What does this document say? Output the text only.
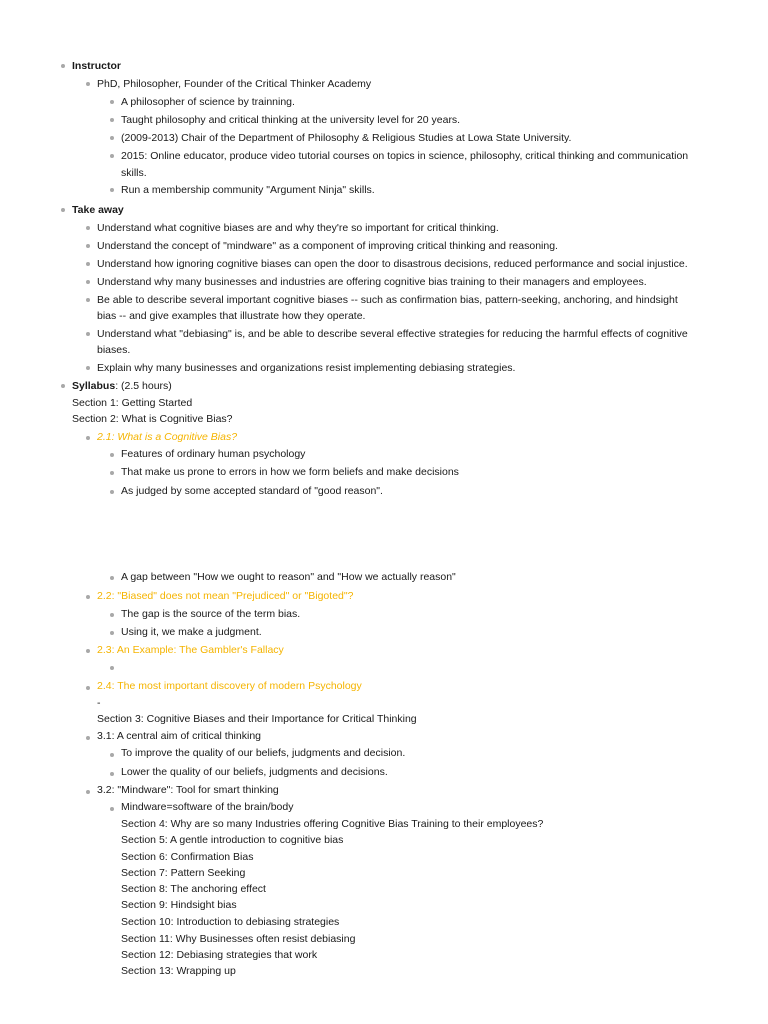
Instructor
PhD, Philosopher, Founder of the Critical Thinker Academy
A philosopher of science by trainning.
Taught philosophy and critical thinking at the university level for 20 years.
(2009-2013) Chair of the Department of Philosophy & Religious Studies at Lowa State University.
2015: Online educator, produce video tutorial courses on topics in science, philosophy, critical thinking and communication
skills.
Run a membership community "Argument Ninja" skills.
Take away
Understand what cognitive biases are and why they're so important for critical thinking.
Understand the concept of "mindware" as a component of improving critical thinking and reasoning.
Understand how ignoring cognitive biases can open the door to disastrous decisions, reduced performance and social injustice.
Understand why many businesses and industries are offering cognitive bias training to their managers and employees.
Be able to describe several important cognitive biases -- such as confirmation bias, pattern-seeking, anchoring, and hindsight
bias -- and give examples that illustrate how they operate.
Understand what "debiasing" is, and be able to describe several effective strategies for reducing the harmful effects of cognitive
biases.
Explain why many businesses and organizations resist implementing debiasing strategies.
Syllabus: (2.5 hours)
Section 1: Getting Started
Section 2: What is Cognitive Bias?
2.1: What is a Cognitive Bias?
Features of ordinary human psychology
That make us prone to errors in how we form beliefs and make decisions
As judged by some accepted standard of "good reason".
A gap between "How we ought to reason" and "How we actually reason"
2.2: "Biased" does not mean "Prejudiced" or "Bigoted"?
The gap is the source of the term bias.
Using it, we make a judgment.
2.3: An Example: The Gambler's Fallacy
2.4: The most important discovery of modern Psychology
-
Section 3: Cognitive Biases and their Importance for Critical Thinking
3.1: A central aim of critical thinking
To improve the quality of our beliefs, judgments and decision.
Lower the quality of our beliefs, judgments and decisions.
3.2: "Mindware": Tool for smart thinking
Mindware=software of the brain/body
Section 4: Why are so many Industries offering Cognitive Bias Training to their employees?
Section 5: A gentle introduction to cognitive bias
Section 6: Confirmation Bias
Section 7: Pattern Seeking
Section 8: The anchoring effect
Section 9: Hindsight bias
Section 10: Introduction to debiasing strategies
Section 11: Why Businesses often resist debiasing
Section 12: Debiasing strategies that work
Section 13: Wrapping up
